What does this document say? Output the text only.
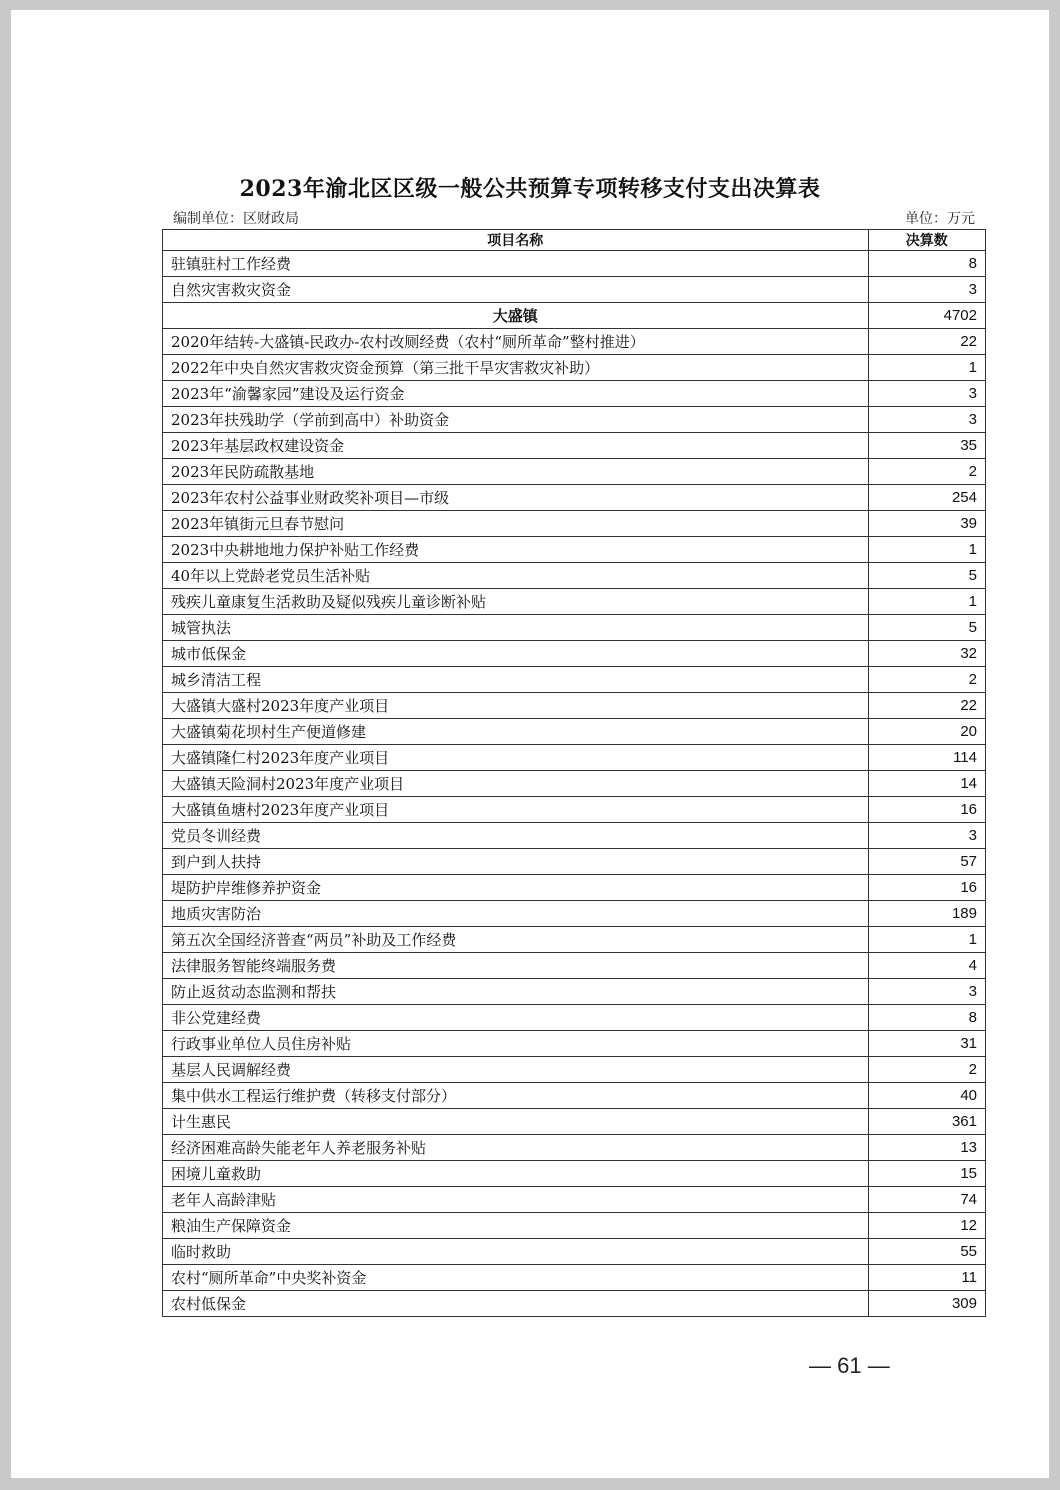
2023年渝北区区级一般公共预算专项转移支付支出决算表
编制单位：区财政局	单位：万元
项目名称	决算数
驻镇驻村工作经费	8
自然灾害救灾资金	3
大盛镇	4702
2020年结转-大盛镇-民政办-农村改厕经费（农村“厕所革命”整村推进）	22
2022年中央自然灾害救灾资金预算（第三批干旱灾害救灾补助）	1
2023年“渝馨家园”建设及运行资金	3
2023年扶残助学（学前到高中）补助资金	3
2023年基层政权建设资金	35
2023年民防疏散基地	2
2023年农村公益事业财政奖补项目—市级	254
2023年镇街元旦春节慰问	39
2023中央耕地地力保护补贴工作经费	1
40年以上党龄老党员生活补贴	5
残疾儿童康复生活救助及疑似残疾儿童诊断补贴	1
城管执法	5
城市低保金	32
城乡清洁工程	2
大盛镇大盛村2023年度产业项目	22
大盛镇菊花坝村生产便道修建	20
大盛镇隆仁村2023年度产业项目	114
大盛镇天险洞村2023年度产业项目	14
大盛镇鱼塘村2023年度产业项目	16
党员冬训经费	3
到户到人扶持	57
堤防护岸维修养护资金	16
地质灾害防治	189
第五次全国经济普查“两员”补助及工作经费	1
法律服务智能终端服务费	4
防止返贫动态监测和帮扶	3
非公党建经费	8
行政事业单位人员住房补贴	31
基层人民调解经费	2
集中供水工程运行维护费（转移支付部分）	40
计生惠民	361
经济困难高龄失能老年人养老服务补贴	13
困境儿童救助	15
老年人高龄津贴	74
粮油生产保障资金	12
临时救助	55
农村“厕所革命”中央奖补资金	11
农村低保金	309
— 61 —
